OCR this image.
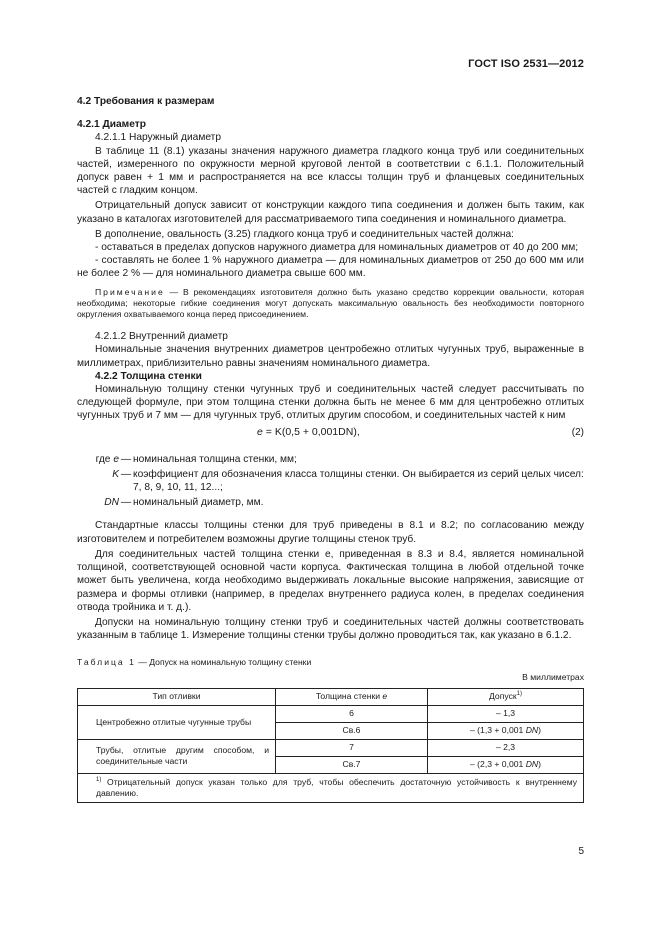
ГОСТ ISO 2531—2012

4.2 Требования к размерам

4.2.1 Диаметр

4.2.1.1 Наружный диаметр

В таблице 11 (8.1) указаны значения наружного диаметра гладкого конца труб или соединительных частей, измеренного по окружности мерной круговой лентой в соответствии с 6.1.1. Положительный допуск равен + 1 мм и распространяется на все классы толщин труб и фланцевых соединительных частей с гладким концом.

Отрицательный допуск зависит от конструкции каждого типа соединения и должен быть таким, как указано в каталогах изготовителей для рассматриваемого типа соединения и номинального диаметра.

В дополнение, овальность (3.25) гладкого конца труб и соединительных частей должна:

- оставаться в пределах допусков наружного диаметра для номинальных диаметров от 40 до 200 мм;

- составлять не более 1 % наружного диаметра — для номинальных диаметров от 250 до 600 мм или не более 2 % — для номинального диаметра свыше 600 мм.

Примечание — В рекомендациях изготовителя должно быть указано средство коррекции овальности, которая необходима; некоторые гибкие соединения могут допускать максимальную овальность без необходимости повторного округления охватываемого конца перед присоединением.

4.2.1.2 Внутренний диаметр

Номинальные значения внутренних диаметров центробежно отлитых чугунных труб, выраженные в миллиметрах, приблизительно равны значениям номинального диаметра.

4.2.2 Толщина стенки

Номинальную толщину стенки чугунных труб и соединительных частей следует рассчитывать по следующей формуле, при этом толщина стенки должна быть не менее 6 мм для центробежно отлитых чугунных труб и 7 мм — для чугунных труб, отлитых другим способом, и соединительных частей к ним

e = K(0,5 + 0,001DN),	(2)

где e — номинальная толщина стенки, мм;

K — коэффициент для обозначения класса толщины стенки. Он выбирается из серий целых чисел: 7, 8, 9, 10, 11, 12...;

DN — номинальный диаметр, мм.

Стандартные классы толщины стенки для труб приведены в 8.1 и 8.2; по согласованию между изготовителем и потребителем возможны другие толщины стенок труб.

Для соединительных частей толщина стенки e, приведенная в 8.3 и 8.4, является номинальной толщиной, соответствующей основной части корпуса. Фактическая толщина в любой отдельной точке может быть увеличена, когда необходимо выдерживать локальные высокие напряжения, зависящие от размера и формы отливки (например, в пределах внутреннего радиуса колен, в пределах соединения отвода тройника и т. д.).

Допуски на номинальную толщину стенки труб и соединительных частей должны соответствовать указанным в таблице 1. Измерение толщины стенки трубы должно проводиться так, как указано в 6.1.2.

Таблица 1 — Допуск на номинальную толщину стенки

В миллиметрах

Тип отливки	Толщина стенки e	Допуск$^{1)}$
Центробежно отлитые чугунные трубы	6	– 1,3
	Св.6	– (1,3 + 0,001 DN)
Трубы, отлитые другим способом, и соединительные части	7	– 2,3
	Св.7	– (2,3 + 0,001 DN)
$^{1)}$ Отрицательный допуск указан только для труб, чтобы обеспечить достаточную устойчивость к внутреннему давлению.		
5
